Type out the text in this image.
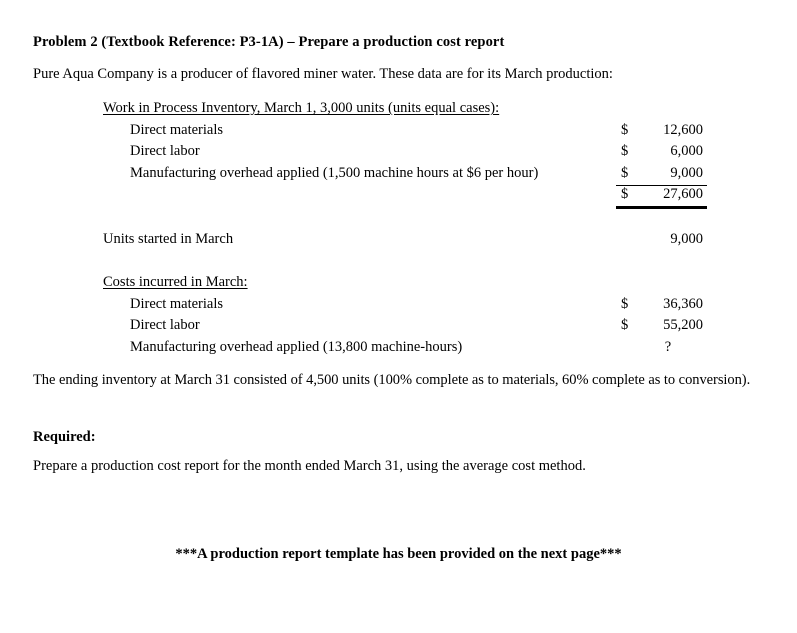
Problem 2 (Textbook Reference: P3-1A) – Prepare a production cost report
Pure Aqua Company is a producer of flavored miner water. These data are for its March production:
Work in Process Inventory, March 1, 3,000 units (units equal cases):
Direct materials	$	12,600
Direct labor	$	6,000
Manufacturing overhead applied (1,500 machine hours at $6 per hour)	$	9,000
$	27,600
Units started in March	9,000
Costs incurred in March:
Direct materials	$	36,360
Direct labor	$	55,200
Manufacturing overhead applied (13,800 machine-hours)	?
The ending inventory at March 31 consisted of 4,500 units (100% complete as to materials, 60% complete as to conversion).
Required:
Prepare a production cost report for the month ended March 31, using the average cost method.
***A production report template has been provided on the next page***
